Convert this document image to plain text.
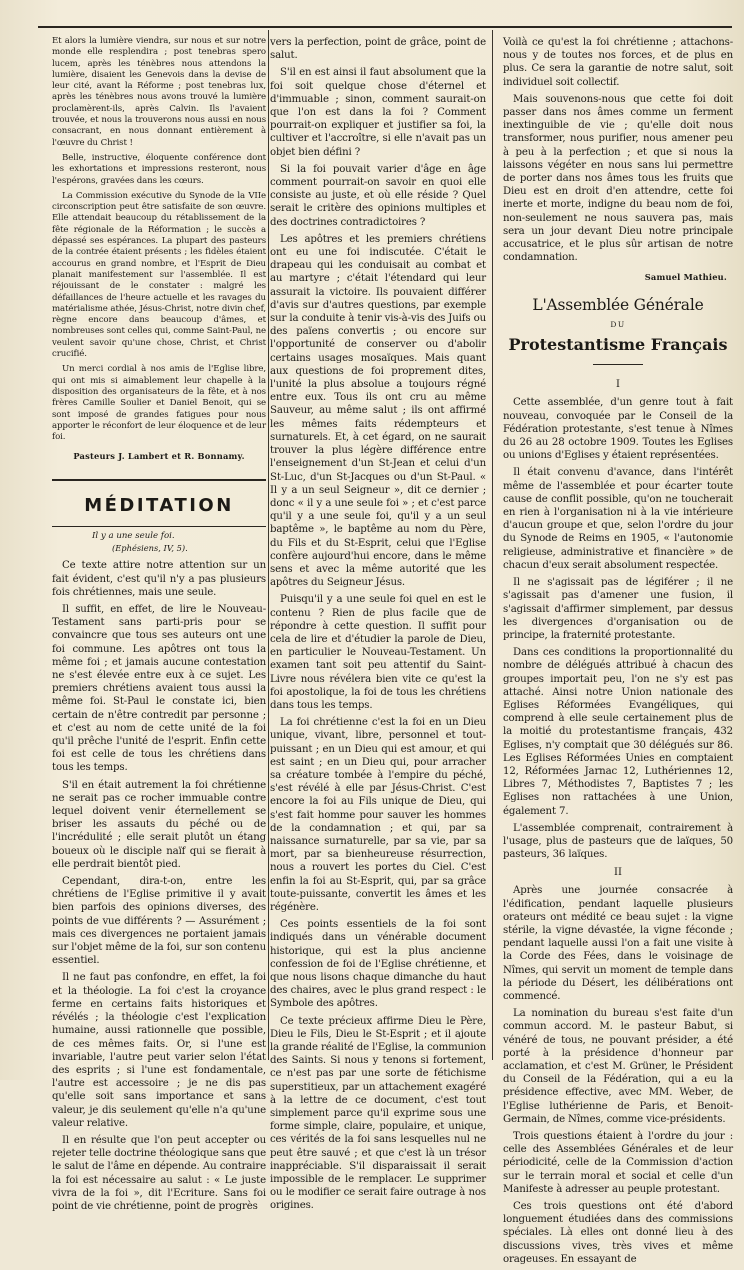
Et alors la lumière viendra, sur nous et sur notre monde elle resplendira ; post tenebras spero lucem, après les ténèbres nous attendons la lumière, disaient les Genevois dans la devise de leur cité, avant la Réforme ; post tenebras lux, après les ténèbres nous avons trouvé la lumière proclamèrent-ils, après Calvin. Ils l'avaient trouvée, et nous la trouverons nous aussi en nous consacrant, en nous donnant entièrement à l'œuvre du Christ !

Belle, instructive, éloquente conférence dont les exhortations et impressions resteront, nous l'espérons, gravées dans les cœurs.

La Commission exécutive du Synode de la VIIe circonscription peut être satisfaite de son œuvre. Elle attendait beaucoup du rétablissement de la fête régionale de la Réformation ; le succès a dépassé ses espérances. La plupart des pasteurs de la contrée étaient présents ; les fidèles étaient accourus en grand nombre, et l'Esprit de Dieu planait manifestement sur l'assemblée. Il est réjouissant de le constater : malgré les défaillances de l'heure actuelle et les ravages du matérialisme athée, Jésus-Christ, notre divin chef, règne encore dans beaucoup d'âmes, et nombreuses sont celles qui, comme Saint-Paul, ne veulent savoir qu'une chose, Christ, et Christ crucifié.

Un merci cordial à nos amis de l'Eglise libre, qui ont mis si aimablement leur chapelle à la disposition des organisateurs de la fête, et à nos frères Camille Soulier et Daniel Benoit, qui se sont imposé de grandes fatigues pour nous apporter le réconfort de leur éloquence et de leur foi.

Pasteurs J. Lambert et R. Bonnamy.
MÉDITATION
Il y a une seule foi.
(Ephésiens, IV, 5).

Ce texte attire notre attention sur un fait évident, c'est qu'il n'y a pas plusieurs fois chrétiennes, mais une seule.

Il suffit, en effet, de lire le Nouveau-Testament sans parti-pris pour se convaincre que tous ses auteurs ont une foi commune. Les apôtres ont tous la même foi ; et jamais aucune contestation ne s'est élevée entre eux à ce sujet. Les premiers chrétiens avaient tous aussi la même foi. St-Paul le constate ici, bien certain de n'être contredit par personne ; et c'est au nom de cette unité de la foi qu'il prêche l'unité de l'esprit. Enfin cette foi est celle de tous les chrétiens dans tous les temps.

S'il en était autrement la foi chrétienne ne serait pas ce rocher immuable contre lequel doivent venir éternellement se briser les assauts du péché ou de l'incrédulité ; elle serait plutôt un étang boueux où le disciple naïf qui se fierait à elle perdrait bientôt pied.

Cependant, dira-t-on, entre les chrétiens de l'Eglise primitive il y avait bien parfois des opinions diverses, des points de vue différents ? — Assurément ; mais ces divergences ne portaient jamais sur l'objet même de la foi, sur son contenu essentiel.

Il ne faut pas confondre, en effet, la foi et la théologie. La foi c'est la croyance ferme en certains faits historiques et révélés ; la théologie c'est l'explication humaine, aussi rationnelle que possible, de ces mêmes faits. Or, si l'une est invariable, l'autre peut varier selon l'état des esprits ; si l'une est fondamentale, l'autre est accessoire ; je ne dis pas qu'elle soit sans importance et sans valeur, je dis seulement qu'elle n'a qu'une valeur relative.

Il en résulte que l'on peut accepter ou rejeter telle doctrine théologique sans que le salut de l'âme en dépende. Au contraire la foi est nécessaire au salut : « Le juste vivra de la foi », dit l'Ecriture. Sans foi point de vie chrétienne, point de progrès

vers la perfection, point de grâce, point de salut.

S'il en est ainsi il faut absolument que la foi soit quelque chose d'éternel et d'immuable ; sinon, comment saurait-on que l'on est dans la foi ? Comment pourrait-on expliquer et justifier sa foi, la cultiver et l'accroître, si elle n'avait pas un objet bien défini ?

Si la foi pouvait varier d'âge en âge comment pourrait-on savoir en quoi elle consiste au juste, et où elle réside ? Quel serait le critère des opinions multiples et des doctrines contradictoires ?

Les apôtres et les premiers chrétiens ont eu une foi indiscutée. C'était le drapeau qui les conduisait au combat et au martyre ; c'était l'étendard qui leur assurait la victoire. Ils pouvaient différer d'avis sur d'autres questions, par exemple sur la conduite à tenir vis-à-vis des Juifs ou des païens convertis ; ou encore sur l'opportunité de conserver ou d'abolir certains usages mosaïques. Mais quant aux questions de foi proprement dites, l'unité la plus absolue a toujours régné entre eux. Tous ils ont cru au même Sauveur, au même salut ; ils ont affirmé les mêmes faits rédempteurs et surnaturels. Et, à cet égard, on ne saurait trouver la plus légère différence entre l'enseignement d'un St-Jean et celui d'un St-Luc, d'un St-Jacques ou d'un St-Paul. « Il y a un seul Seigneur », dit ce dernier ; donc « il y a une seule foi » ; et c'est parce qu'il y a une seule foi, qu'il y a un seul baptême », le baptême au nom du Père, du Fils et du St-Esprit, celui que l'Eglise confère aujourd'hui encore, dans le même sens et avec la même autorité que les apôtres du Seigneur Jésus.

Puisqu'il y a une seule foi quel en est le contenu ? Rien de plus facile que de répondre à cette question. Il suffit pour cela de lire et d'étudier la parole de Dieu, en particulier le Nouveau-Testament. Un examen tant soit peu attentif du Saint-Livre nous révélera bien vite ce qu'est la foi apostolique, la foi de tous les chrétiens dans tous les temps.

La foi chrétienne c'est la foi en un Dieu unique, vivant, libre, personnel et tout-puissant ; en un Dieu qui est amour, et qui est saint ; en un Dieu qui, pour arracher sa créature tombée à l'empire du péché, s'est révélé à elle par Jésus-Christ. C'est encore la foi au Fils unique de Dieu, qui s'est fait homme pour sauver les hommes de la condamnation ; et qui, par sa naissance surnaturelle, par sa vie, par sa mort, par sa bienheureuse résurrection, nous a rouvert les portes du Ciel. C'est enfin la foi au St-Esprit, qui, par sa grâce toute-puissante, convertit les âmes et les régénère.

Ces points essentiels de la foi sont indiqués dans un vénérable document historique, qui est la plus ancienne confession de foi de l'Eglise chrétienne, et que nous lisons chaque dimanche du haut des chaires, avec le plus grand respect : le Symbole des apôtres.

Ce texte précieux affirme Dieu le Père, Dieu le Fils, Dieu le St-Esprit ; et il ajoute la grande réalité de l'Eglise, la communion des Saints. Si nous y tenons si fortement, ce n'est pas par une sorte de fétichisme superstitieux, par un attachement exagéré à la lettre de ce document, c'est tout simplement parce qu'il exprime sous une forme simple, claire, populaire, et unique, ces vérités de la foi sans lesquelles nul ne peut être sauvé ; et que c'est là un trésor inappréciable. S'il disparaissait il serait impossible de le remplacer. Le supprimer ou le modifier ce serait faire outrage à nos origines.

Voilà ce qu'est la foi chrétienne ; attachons-nous y de toutes nos forces, et de plus en plus. Ce sera la garantie de notre salut, soit individuel soit collectif.

Mais souvenons-nous que cette foi doit passer dans nos âmes comme un ferment inextinguible de vie ; qu'elle doit nous transformer, nous purifier, nous amener peu à peu à la perfection ; et que si nous la laissons végéter en nous sans lui permettre de porter dans nos âmes tous les fruits que Dieu est en droit d'en attendre, cette foi inerte et morte, indigne du beau nom de foi, non-seulement ne nous sauvera pas, mais sera un jour devant Dieu notre principale accusatrice, et le plus sûr artisan de notre condamnation.

Samuel Mathieu.
L'Assemblée Générale
DU
Protestantisme Français
I

Cette assemblée, d'un genre tout à fait nouveau, convoquée par le Conseil de la Fédération protestante, s'est tenue à Nîmes du 26 au 28 octobre 1909. Toutes les Eglises ou unions d'Eglises y étaient représentées.

Il était convenu d'avance, dans l'intérêt même de l'assemblée et pour écarter toute cause de conflit possible, qu'on ne toucherait en rien à l'organisation ni à la vie intérieure d'aucun groupe et que, selon l'ordre du jour du Synode de Reims en 1905, « l'autonomie religieuse, administrative et financière » de chacun d'eux serait absolument respectée.

Il ne s'agissait pas de légiférer ; il ne s'agissait pas d'amener une fusion, il s'agissait d'affirmer simplement, par dessus les divergences d'organisation ou de principe, la fraternité protestante.

Dans ces conditions la proportionnalité du nombre de délégués attribué à chacun des groupes importait peu, l'on ne s'y est pas attaché. Ainsi notre Union nationale des Eglises Réformées Evangéliques, qui comprend à elle seule certainement plus de la moitié du protestantisme français, 432 Eglises, n'y comptait que 30 délégués sur 86. Les Eglises Réformées Unies en comptaient 12, Réformées Jarnac 12, Luthériennes 12, Libres 7, Méthodistes 7, Baptistes 7 ; les Eglises non rattachées à une Union, également 7.

L'assemblée comprenait, contrairement à l'usage, plus de pasteurs que de laïques, 50 pasteurs, 36 laïques.

II

Après une journée consacrée à l'édification, pendant laquelle plusieurs orateurs ont médité ce beau sujet : la vigne stérile, la vigne dévastée, la vigne féconde ; pendant laquelle aussi l'on a fait une visite à la Corde des Fées, dans le voisinage de Nîmes, qui servit un moment de temple dans la période du Désert, les délibérations ont commencé.

La nomination du bureau s'est faite d'un commun accord. M. le pasteur Babut, si vénéré de tous, ne pouvant présider, a été porté à la présidence d'honneur par acclamation, et c'est M. Grüner, le Président du Conseil de la Fédération, qui a eu la présidence effective, avec MM. Weber, de l'Eglise luthérienne de Paris, et Benoit-Germain, de Nîmes, comme vice-présidents.

Trois questions étaient à l'ordre du jour : celle des Assemblées Générales et de leur périodicité, celle de la Commission d'action sur le terrain moral et social et celle d'un Manifeste à adresser au peuple protestant.

Ces trois questions ont été d'abord longuement étudiées dans des commissions spéciales. Là elles ont donné lieu à des discussions vives, très vives et même orageuses. En essayant de
